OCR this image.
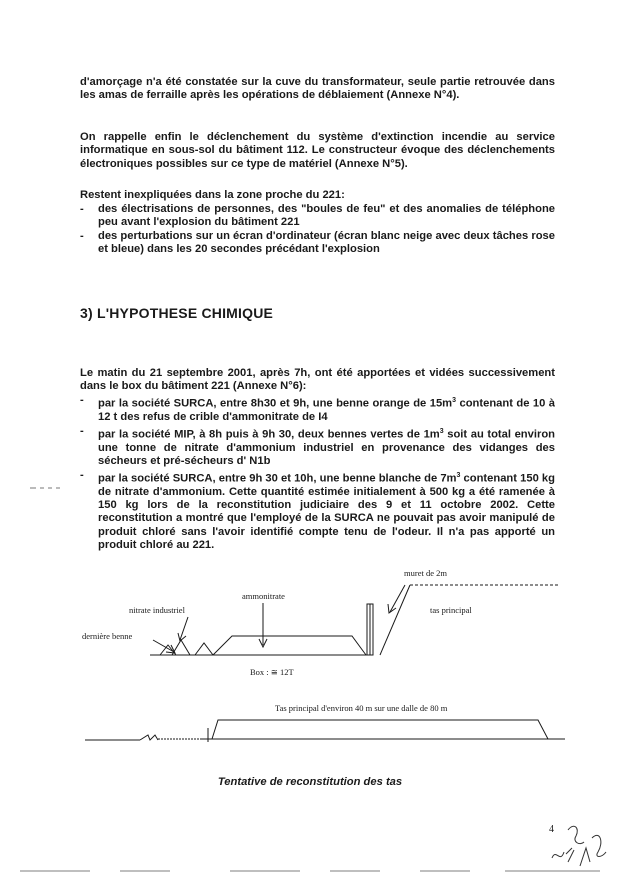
d'amorçage n'a été constatée sur la cuve du transformateur, seule partie retrouvée dans les amas de ferraille après les opérations de déblaiement (Annexe N°4).

On rappelle enfin le déclenchement du système d'extinction incendie au service informatique en sous-sol du bâtiment 112. Le constructeur évoque des déclenchements électroniques possibles sur ce type de matériel (Annexe N°5).

Restent inexpliquées dans la zone proche du 221:

- des électrisations de personnes, des "boules de feu" et des anomalies de téléphone peu avant l'explosion du bâtiment 221
- des perturbations sur un écran d'ordinateur (écran blanc neige avec deux tâches rose et bleue) dans les 20 secondes précédant l'explosion
3) L'HYPOTHESE CHIMIQUE

Le matin du 21 septembre 2001, après 7h, ont été apportées et vidées successivement dans le box du bâtiment 221 (Annexe N°6):

- par la société SURCA, entre 8h30 et 9h, une benne orange de $15m^3$ contenant de 10 à 12 t des refus de crible d'ammonitrate de I4
- par la société MIP, à 8h puis à 9h 30, deux bennes vertes de $1m^3$ soit au total environ une tonne de nitrate d'ammonium industriel en provenance des vidanges des sécheurs et pré-sécheurs d' N1b
- par la société SURCA, entre 9h 30 et 10h, une benne blanche de $7m^3$ contenant 150 kg de nitrate d'ammonium. Cette quantité estimée initialement à 500 kg a été ramenée à 150 kg lors de la reconstitution judiciaire des 9 et 11 octobre 2002. Cette reconstitution a montré que l'employé de la SURCA ne pouvait pas avoir manipulé de produit chloré sans l'avoir identifié compte tenu de l'odeur. Il n'a pas apporté un produit chloré au 221.
muret de 2m
ammonitrate
tas principal
nitrate industriel
dernière benne
Box : ≅ 12T
Tas principal d'environ 40 m sur une dalle de 80 m

Tentative de reconstitution des tas

4
